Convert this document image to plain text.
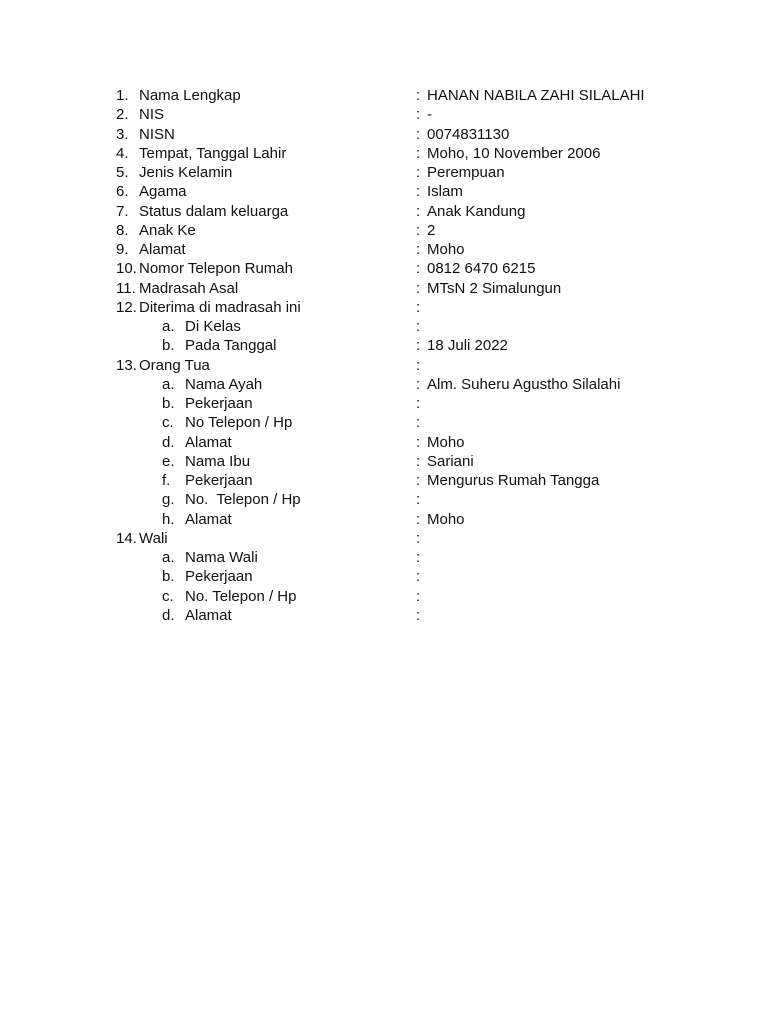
1. Nama Lengkap	: HANAN NABILA ZAHI SILALAHI
2. NIS	: -
3. NISN	: 0074831130
4. Tempat, Tanggal Lahir	: Moho, 10 November 2006
5. Jenis Kelamin	: Perempuan
6. Agama	: Islam
7. Status dalam keluarga	: Anak Kandung
8. Anak Ke	: 2
9. Alamat	: Moho
10. Nomor Telepon Rumah	: 0812 6470 6215
11. Madrasah Asal	: MTsN 2 Simalungun
12. Diterima di madrasah ini	:
a. Di Kelas	:
b. Pada Tanggal	: 18 Juli 2022
13. Orang Tua	:
a. Nama Ayah	: Alm. Suheru Agustho Silalahi
b. Pekerjaan	:
c. No Telepon / Hp	:
d. Alamat	: Moho
e. Nama Ibu	: Sariani
f. Pekerjaan	: Mengurus Rumah Tangga
g. No.  Telepon / Hp	:
h. Alamat	: Moho
14. Wali	:
a. Nama Wali	:
b. Pekerjaan	:
c. No. Telepon / Hp	:
d. Alamat	:
